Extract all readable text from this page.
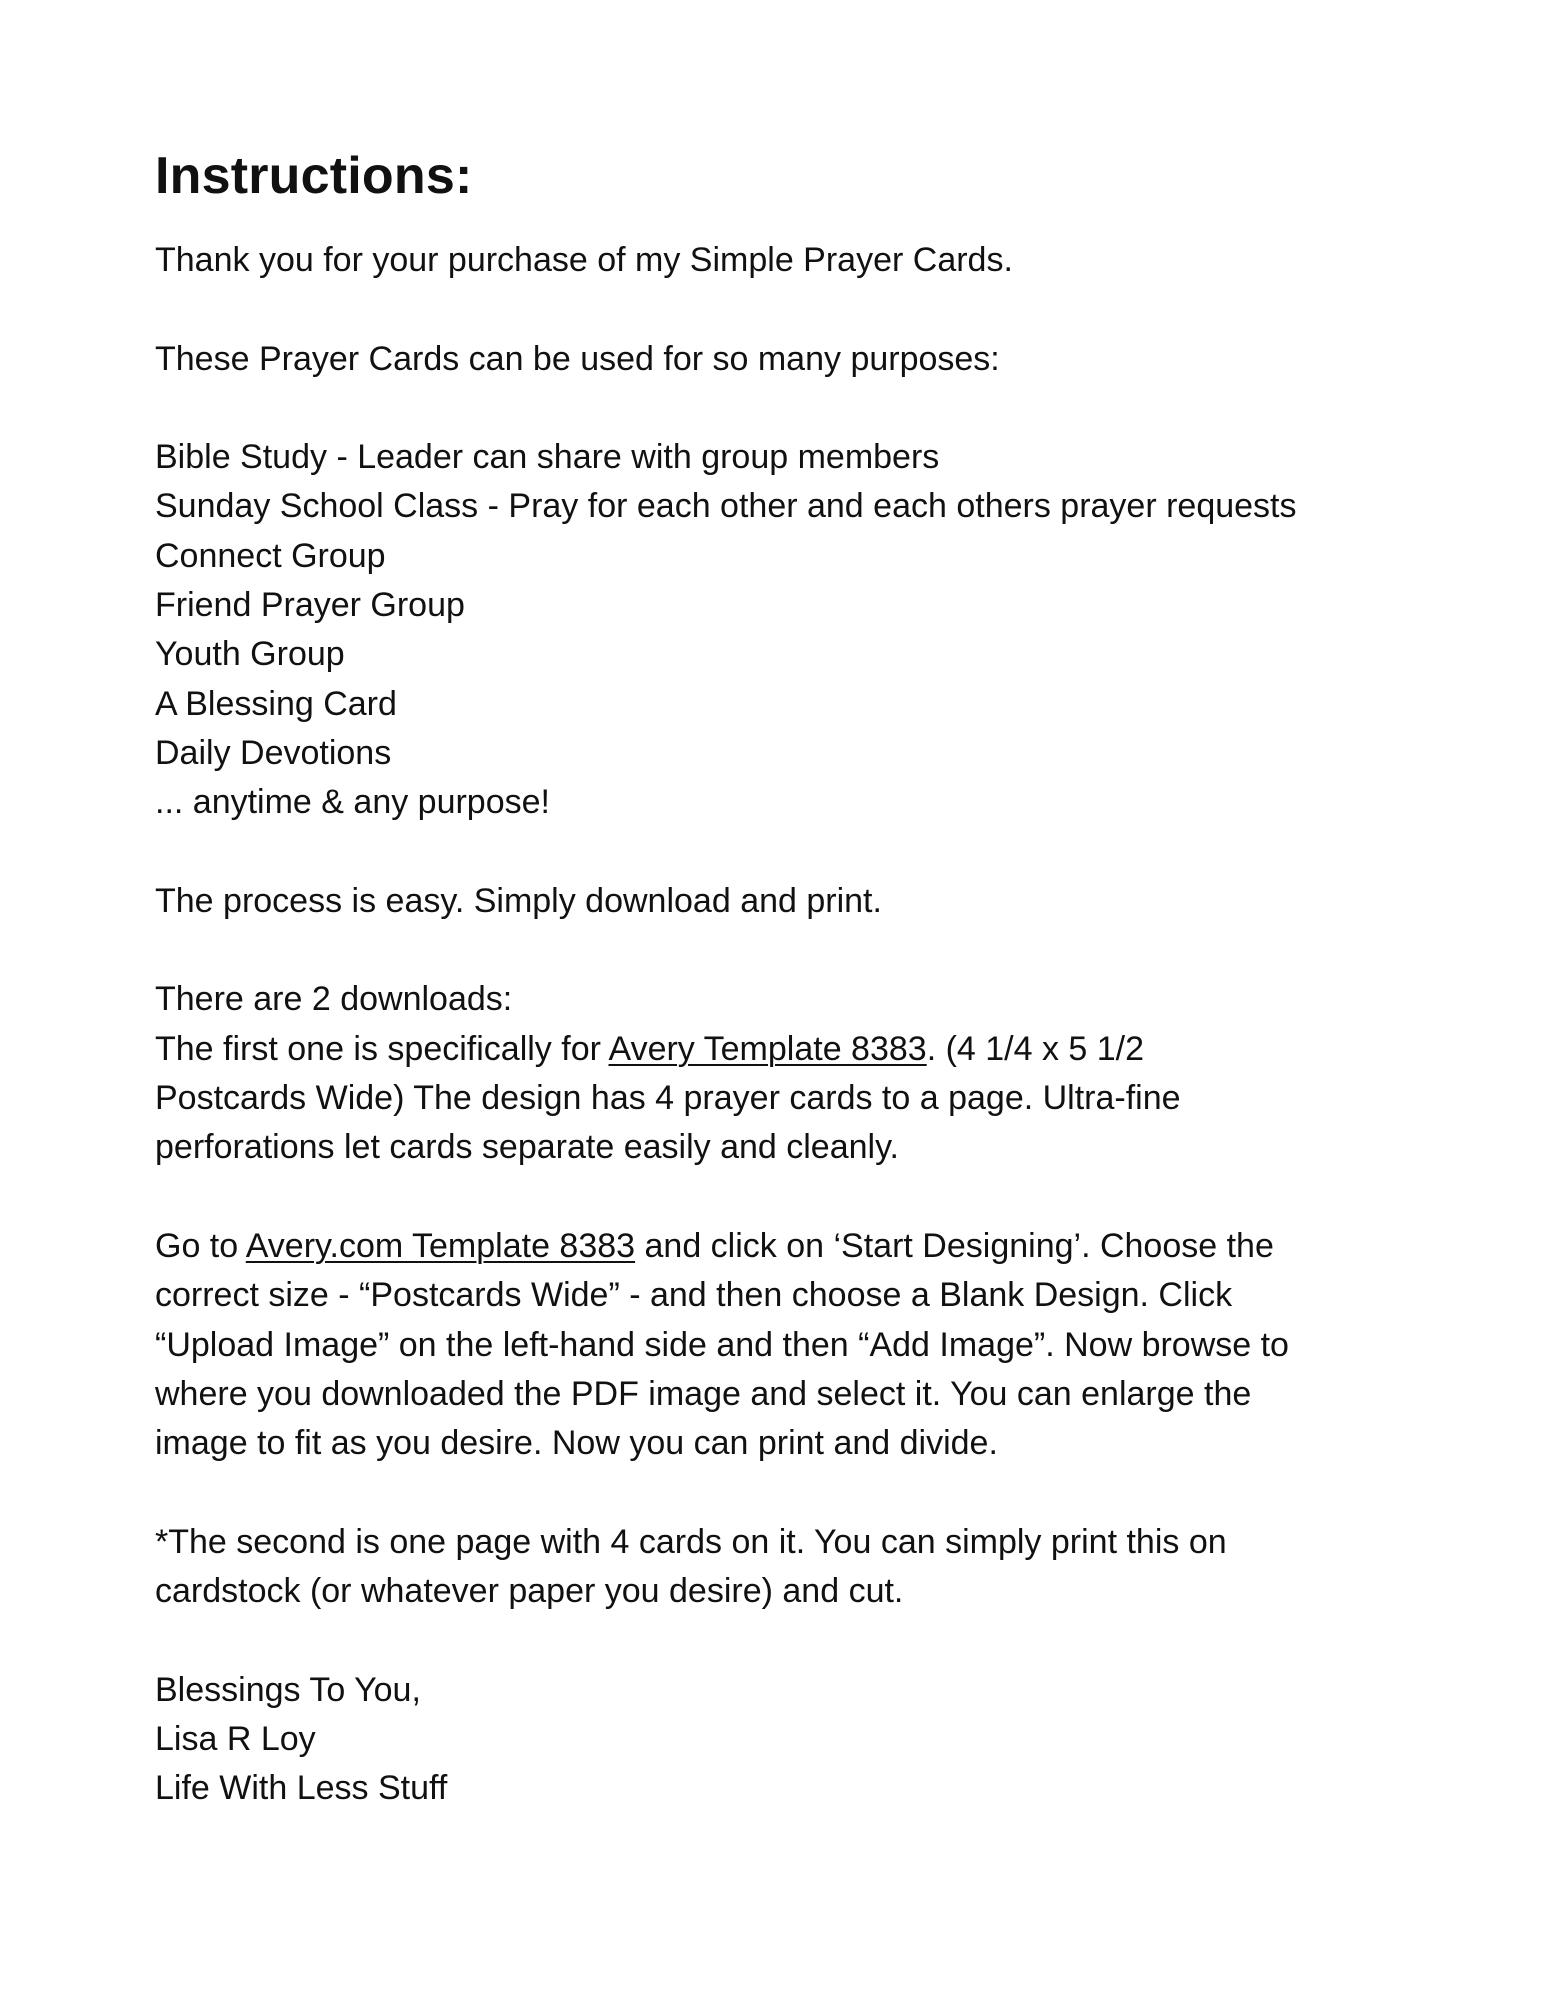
Instructions:

Thank you for your purchase of my Simple Prayer Cards.

These Prayer Cards can be used for so many purposes:

Bible Study - Leader can share with group members
Sunday School Class - Pray for each other and each others prayer requests
Connect Group
Friend Prayer Group
Youth Group
A Blessing Card
Daily Devotions
... anytime & any purpose!

The process is easy. Simply download and print.

There are 2 downloads:

The first one is specifically for Avery Template 8383. (4 1/4 x 5 1/2
Postcards Wide) The design has 4 prayer cards to a page. Ultra-fine
perforations let cards separate easily and cleanly.
Go to Avery.com Template 8383 and click on ‘Start Designing’. Choose the
correct size - “Postcards Wide” - and then choose a Blank Design. Click
“Upload Image” on the left-hand side and then “Add Image”. Now browse to
where you downloaded the PDF image and select it. You can enlarge the
image to fit as you desire. Now you can print and divide.
*The second is one page with 4 cards on it. You can simply print this on
cardstock (or whatever paper you desire) and cut.
Blessings To You,
Lisa R Loy
Life With Less Stuff
